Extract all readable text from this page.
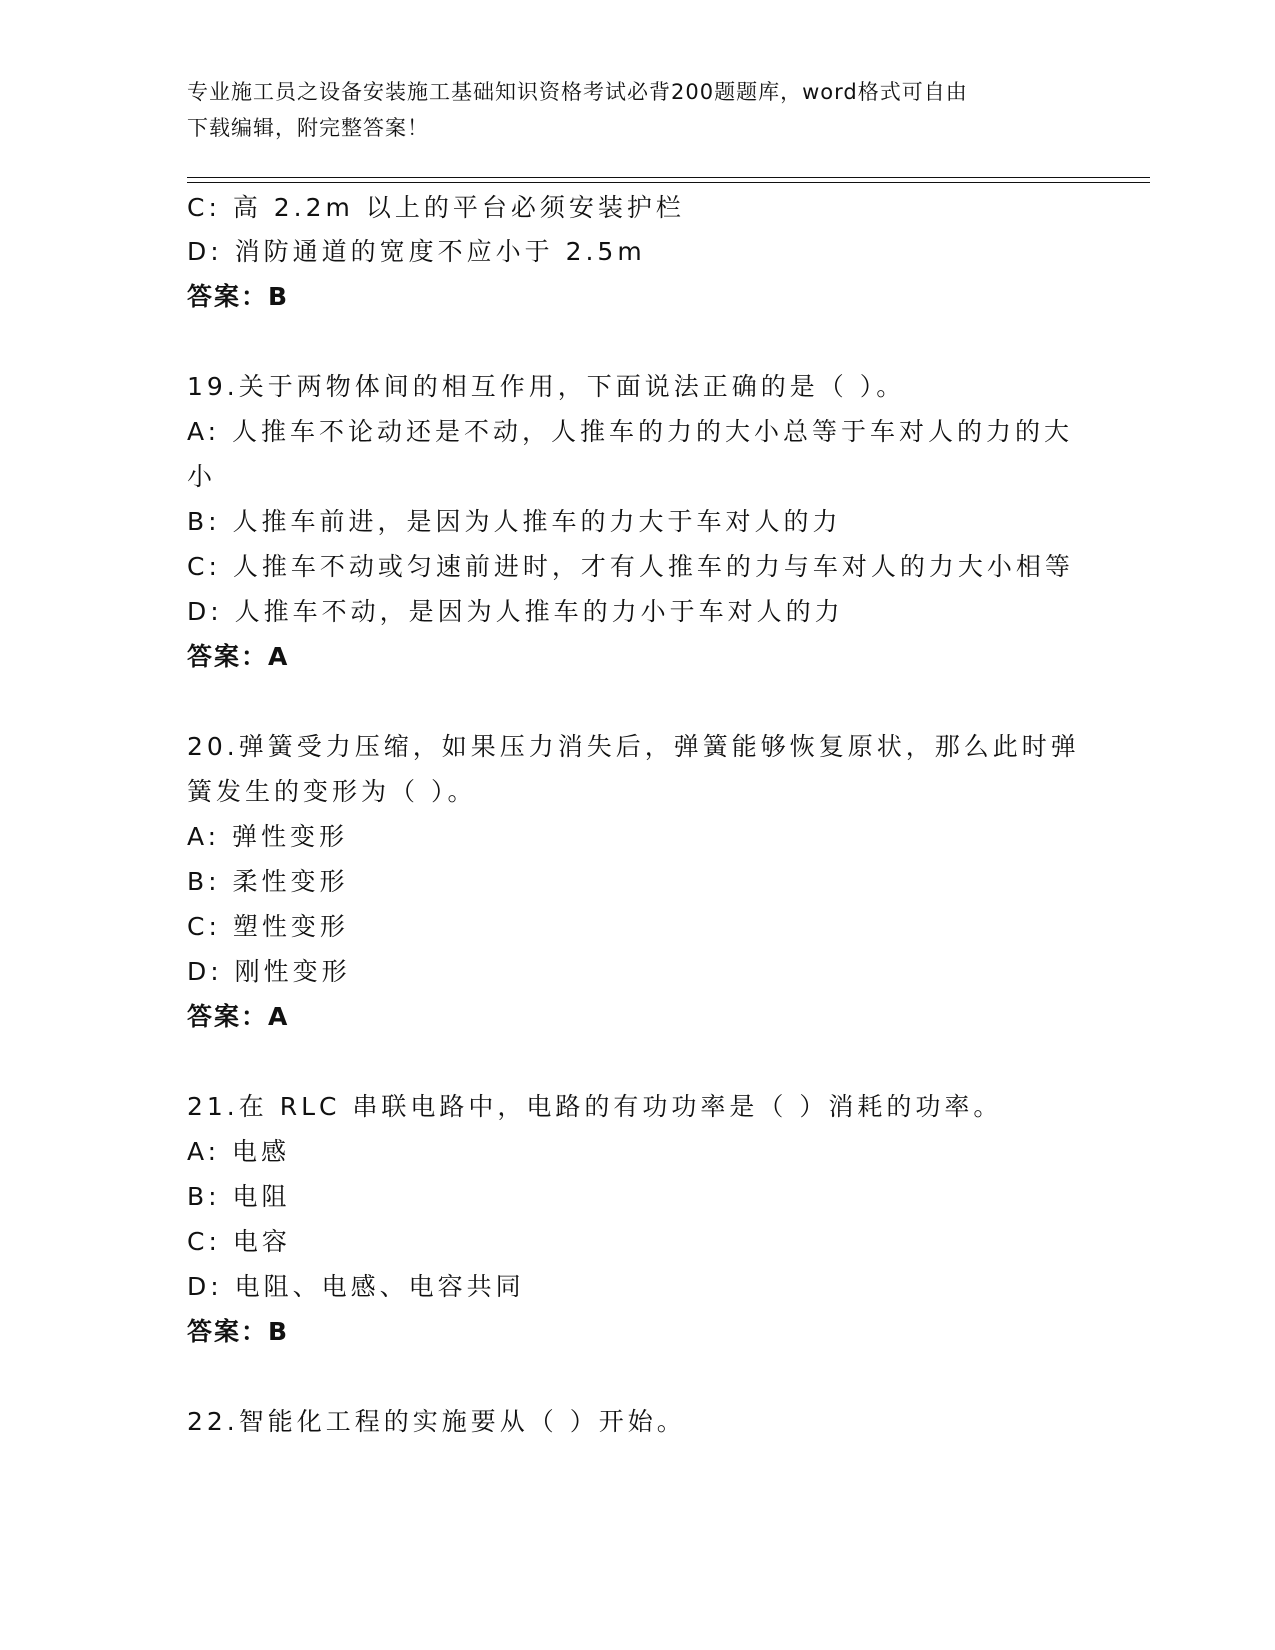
专业施工员之设备安装施工基础知识资格考试必背200题题库，word格式可自由
下载编辑，附完整答案！
C: 高 2.2m 以上的平台必须安装护栏
D: 消防通道的宽度不应小于 2.5m
答案：B
19.关于两物体间的相互作用，下面说法正确的是（ ）。
A: 人推车不论动还是不动，人推车的力的大小总等于车对人的力的大
小
B: 人推车前进，是因为人推车的力大于车对人的力
C: 人推车不动或匀速前进时，才有人推车的力与车对人的力大小相等
D: 人推车不动，是因为人推车的力小于车对人的力
答案：A
20.弹簧受力压缩，如果压力消失后，弹簧能够恢复原状，那么此时弹
簧发生的变形为（ ）。
A: 弹性变形
B: 柔性变形
C: 塑性变形
D: 刚性变形
答案：A
21.在 RLC 串联电路中，电路的有功功率是（ ）消耗的功率。
A: 电感
B: 电阻
C: 电容
D: 电阻、电感、电容共同
答案：B
22.智能化工程的实施要从（ ）开始。
